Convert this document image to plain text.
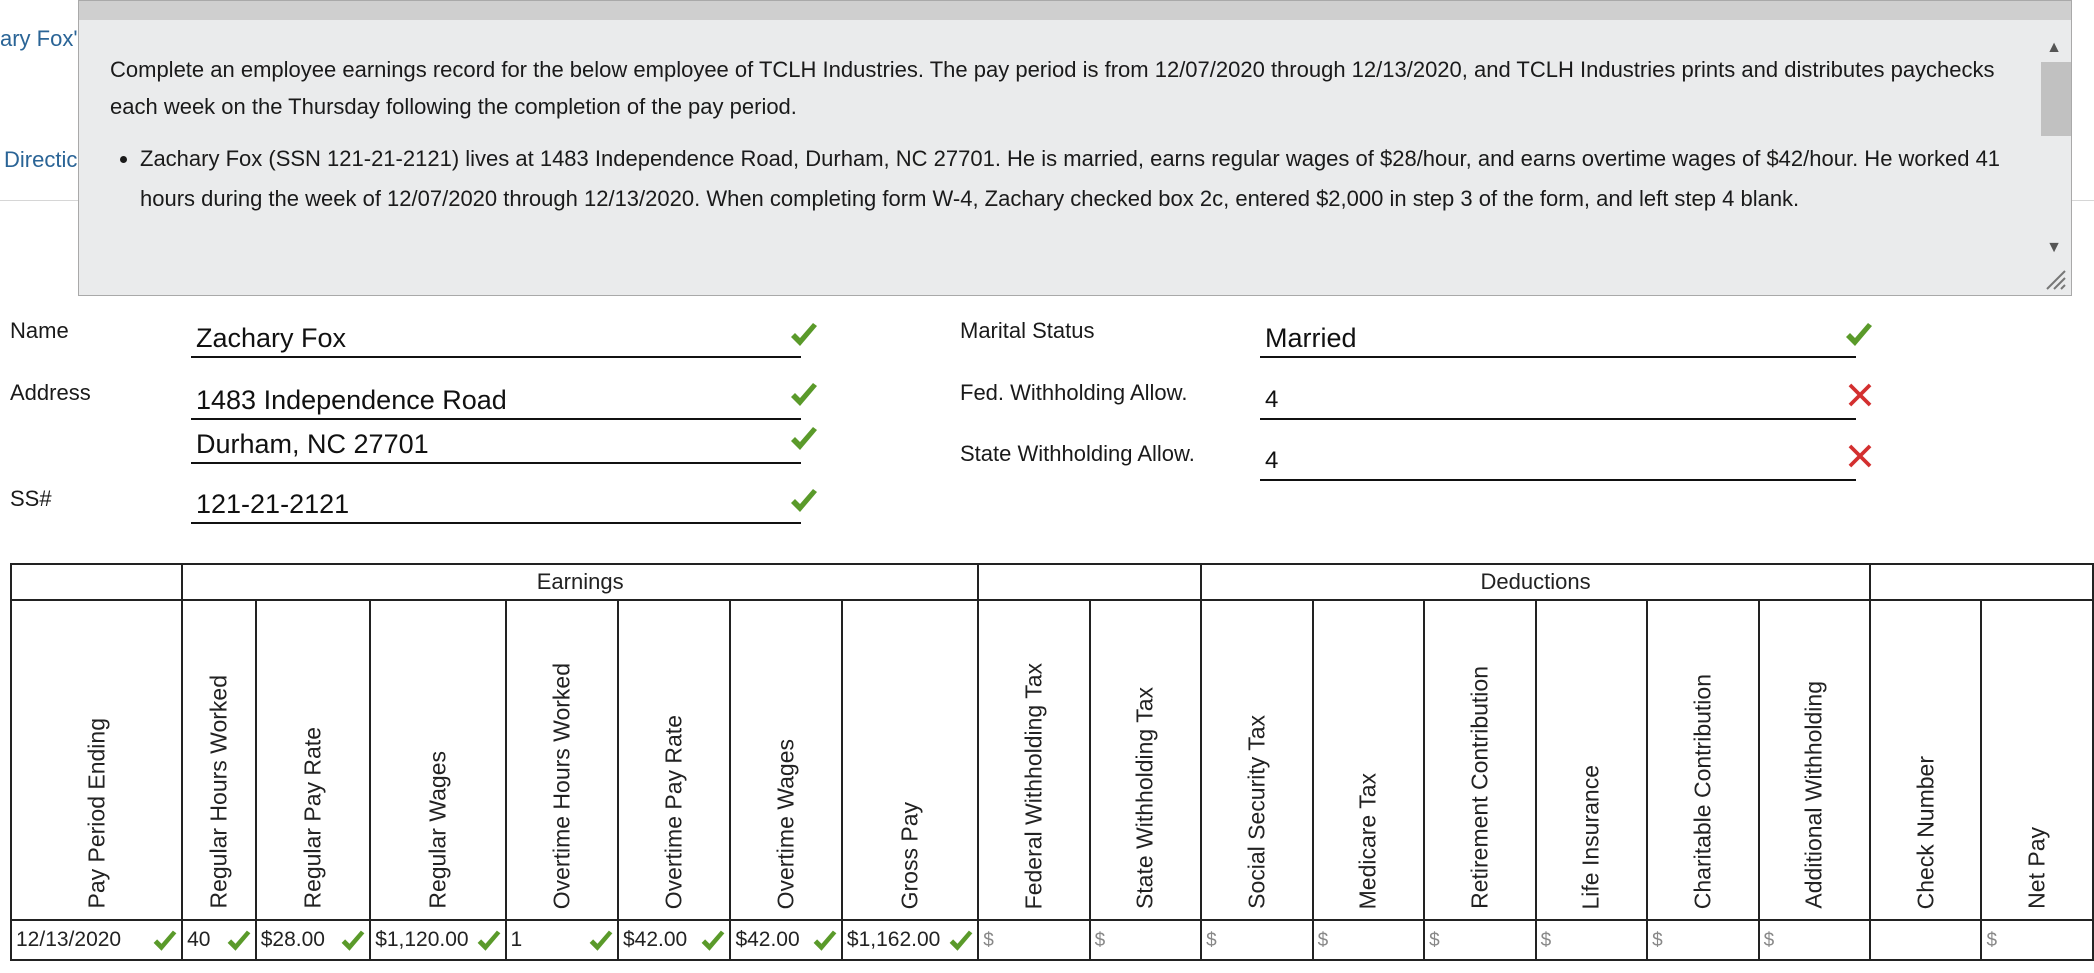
ary Fox'
Directic

Complete an employee earnings record for the below employee of TCLH Industries. The pay period is from 12/07/2020 through 12/13/2020, and TCLH Industries prints and distributes paychecks each week on the Thursday following the completion of the pay period.

• Zachary Fox (SSN 121-21-2121) lives at 1483 Independence Road, Durham, NC 27701. He is married, earns regular wages of $28/hour, and earns overtime wages of $42/hour. He worked 41 hours during the week of 12/07/2020 through 12/13/2020. When completing form W-4, Zachary checked box 2c, entered $2,000 in step 3 of the form, and left step 4 blank.
▲
▼
Name	Zachary Fox
Address	1483 Independence Road
Durham, NC 27701
SS#	121-21-2121
Marital Status	Married
Fed. Withholding Allow.	4
State Withholding Allow.	4
	Earnings									Deductions							

Pay Period Ending	Regular Hours Worked	Regular Pay Rate	Regular Wages	Overtime Hours Worked	Overtime Pay Rate	Overtime Wages	Gross Pay	Federal Withholding Tax	State Withholding Tax	Social Security Tax	Medicare Tax	Retirement Contribution	Life Insurance	Charitable Contribution	Additional Withholding	Check Number	Net Pay

12/13/2020	40	$28.00	$1,120.00	1	$42.00	$42.00	$1,162.00	$	$	$	$	$	$	$	$		$
